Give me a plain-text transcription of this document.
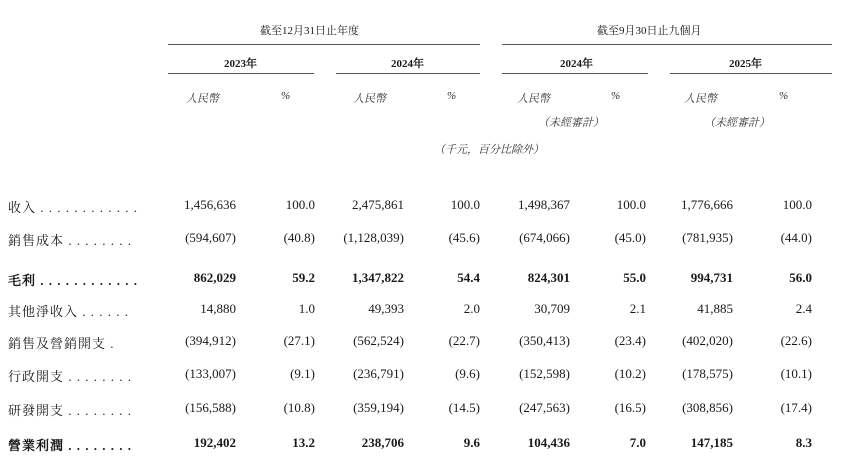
截至12月31日止年度	截至9月30日止九個月
2023年	2024年	2024年	2025年
人民幣	%	人民幣	%	人民幣	%	人民幣	%
（未經審計）	（未經審計）
（千元，百分比除外）
收入 . . . . . . . . . . . .	1,456,636	100.0	2,475,861	100.0	1,498,367	100.0	1,776,666	100.0
銷售成本 . . . . . . . .	(594,607)	(40.8) (1,128,039)	(45.6)	(674,066)	(45.0)	(781,935)	(44.0)
毛利 . . . . . . . . . . . .	862,029	59.2	1,347,822	54.4	824,301	55.0	994,731	56.0
其他淨收入 . . . . . .	14,880	1.0	49,393	2.0	30,709	2.1	41,885	2.4
銷售及營銷開支 .	(394,912)	(27.1)	(562,524)	(22.7)	(350,413)	(23.4)	(402,020)	(22.6)
行政開支 . . . . . . . .	(133,007)	(9.1)	(236,791)	(9.6)	(152,598)	(10.2)	(178,575)	(10.1)
研發開支 . . . . . . . .	(156,588)	(10.8)	(359,194)	(14.5)	(247,563)	(16.5)	(308,856)	(17.4)
營業利潤 . . . . . . . .	192,402	13.2	238,706	9.6	104,436	7.0	147,185	8.3
